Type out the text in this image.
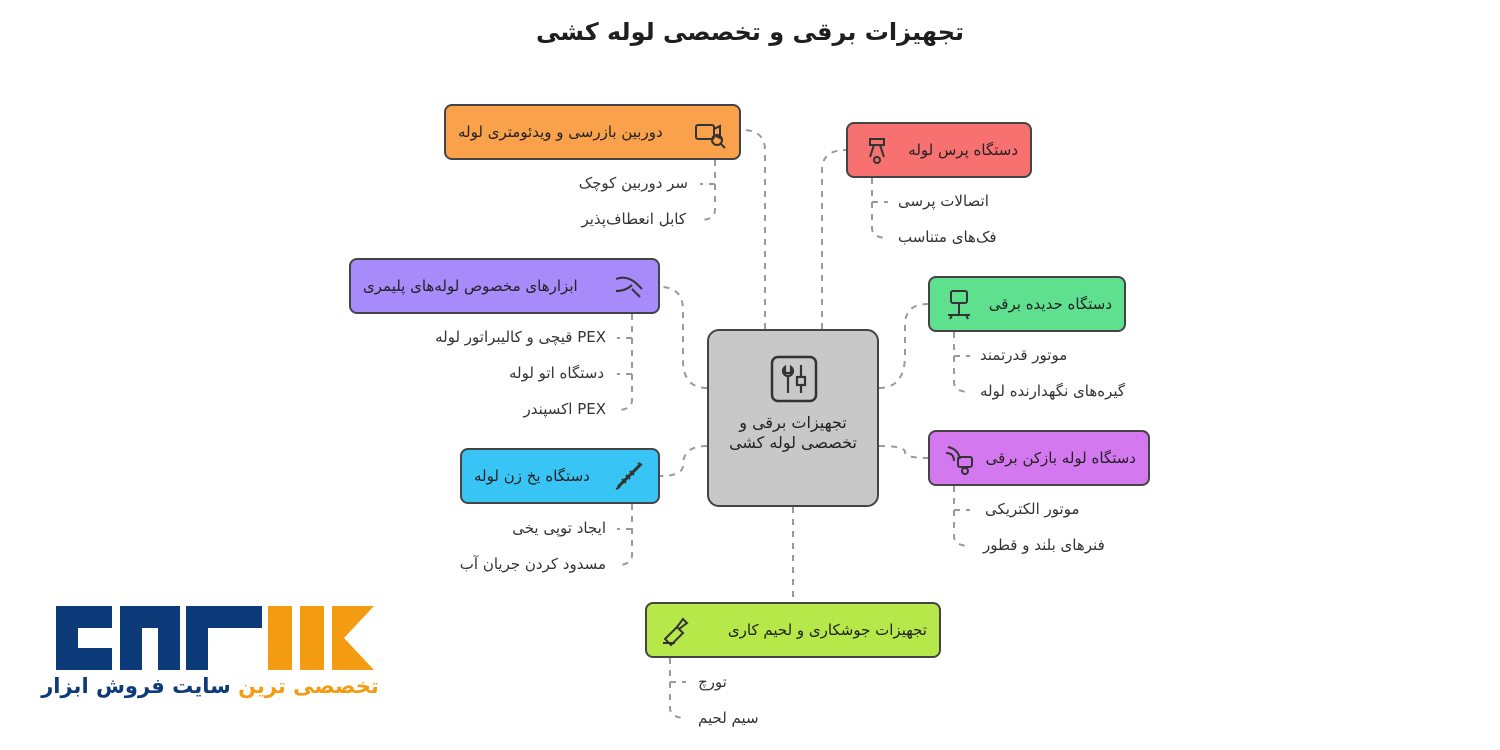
تجهیزات برقی و تخصصی لوله کشی
تجهیزات برقی و تخصصی لوله کشی
دوربین بازرسی و ویدئومتری لوله
سر دوربین کوچک
کابل انعطاف‌پذیر
دستگاه پرس لوله
اتصالات پرسی
فک‌های متناسب
ابزارهای مخصوص لوله‌های پلیمری
PEX قیچی و کالیبراتور لوله
دستگاه اتو لوله
PEX اکسپندر
دستگاه حدیده برقی
موتور قدرتمند
گیره‌های نگهدارنده لوله
دستگاه یخ زن لوله
ایجاد توپی یخی
مسدود کردن جریان آب
دستگاه لوله بازکن برقی
موتور الکتریکی
فنرهای بلند و قطور
تجهیزات جوشکاری و لحیم کاری
تورچ
سیم لحیم
تخصصی ترین سایت فروش ابزار
